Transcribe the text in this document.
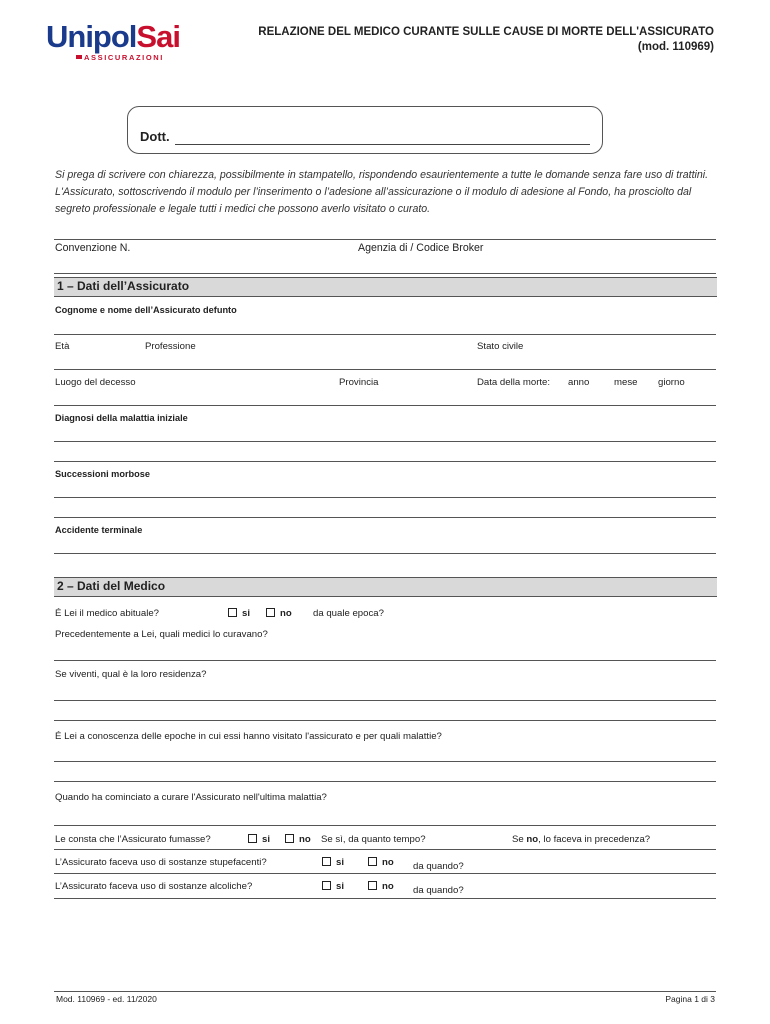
UnipolSai
ASSICURAZIONI
RELAZIONE DEL MEDICO CURANTE SULLE CAUSE DI MORTE DELL'ASSICURATO
(mod. 110969)
Dott.
Si prega di scrivere con chiarezza, possibilmente in stampatello, rispondendo esaurientemente a tutte le domande senza fare uso di trattini. L'Assicurato, sottoscrivendo il modulo per l’inserimento o l’adesione all’assicurazione o il modulo di adesione al Fondo, ha prosciolto dal segreto professionale e legale tutti i medici che possono averlo visitato o curato.
Convenzione N.	Agenzia di / Codice Broker
1 – Dati dell’Assicurato
Cognome e nome dell’Assicurato defunto
Età	Professione	Stato civile
Luogo del decesso	Provincia	Data della morte: anno	mese giorno
Diagnosi della malattia iniziale
Successioni morbose
Accidente terminale
2 – Dati del Medico
É Lei il medico abituale?	si	no da quale epoca?
Precedentemente a Lei, quali medici lo curavano?
Se viventi, qual è la loro residenza?
É Lei a conoscenza delle epoche in cui essi hanno visitato l'assicurato e per quali malattie?
Quando ha cominciato a curare l'Assicurato nell'ultima malattia?
Le consta che l’Assicurato fumasse?	si	no Se sì, da quanto tempo?	Se no, lo faceva in precedenza?
L’Assicurato faceva uso di sostanze stupefacenti?	si	no da quando?
L’Assicurato faceva uso di sostanze alcoliche?	si	no da quando?
Mod. 110969 - ed. 11/2020	Pagina 1 di 3
